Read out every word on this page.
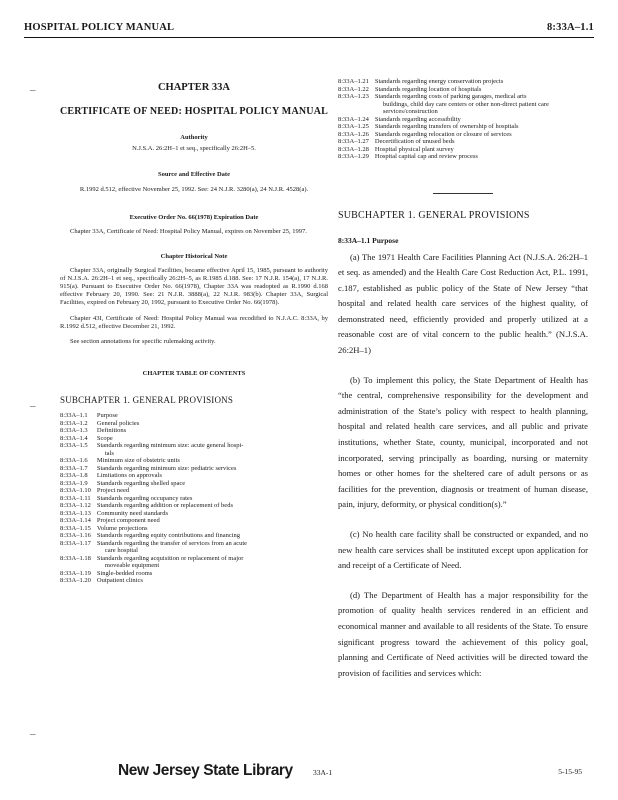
HOSPITAL POLICY MANUAL	8:33A–1.1
–
–
–
CHAPTER 33A
CERTIFICATE OF NEED: HOSPITAL POLICY MANUAL
Authority
N.J.S.A. 26:2H–1 et seq., specifically 26:2H–5.
Source and Effective Date
R.1992 d.512, effective November 25, 1992. See: 24 N.J.R. 3280(a), 24 N.J.R. 4528(a).
Executive Order No. 66(1978) Expiration Date
Chapter 33A, Certificate of Need: Hospital Policy Manual, expires on November 25, 1997.
Chapter Historical Note
Chapter 33A, originally Surgical Facilities, became effective April 15, 1985, pursuant to authority of N.J.S.A. 26:2H–1 et seq., specifically 26:2H–5, as R.1985 d.188. See: 17 N.J.R. 154(a), 17 N.J.R. 915(a). Pursuant to Executive Order No. 66(1978), Chapter 33A was readopted as R.1990 d.168 effective February 20, 1990. See: 21 N.J.R. 3888(a), 22 N.J.R. 983(b). Chapter 33A, Surgical Facilities, expired on February 20, 1992, pursuant to Executive Order No. 66(1978).
Chapter 43I, Certificate of Need: Hospital Policy Manual was recodified to N.J.A.C. 8:33A, by R.1992 d.512, effective December 21, 1992.
See section annotations for specific rulemaking activity.
CHAPTER TABLE OF CONTENTS
SUBCHAPTER 1. GENERAL PROVISIONS
8:33A–1.1	Purpose
8:33A–1.2	General policies
8:33A–1.3	Definitions
8:33A–1.4	Scope
8:33A–1.5	Standards regarding minimum size: acute general hospi-
tals

8:33A–1.6	Minimum size of obstetric units
8:33A–1.7	Standards regarding minimum size: pediatric services
8:33A–1.8	Limitations on approvals
8:33A–1.9	Standards regarding shelled space
8:33A–1.10	Project need
8:33A–1.11	Standards regarding occupancy rates
8:33A–1.12	Standards regarding addition or replacement of beds
8:33A–1.13	Community need standards
8:33A–1.14	Project component need
8:33A–1.15	Volume projections
8:33A–1.16	Standards regarding equity contributions and financing
8:33A–1.17	Standards regarding the transfer of services from an acute
care hospital

8:33A–1.18	Standards regarding acquisition or replacement of major
moveable equipment

8:33A–1.19	Single-bedded rooms
8:33A–1.20	Outpatient clinics
8:33A–1.21	Standards regarding energy conservation projects
8:33A–1.22	Standards regarding location of hospitals
8:33A–1.23	Standards regarding costs of parking garages, medical arts
buildings, child day care centers or other non-direct patient care services/construction

8:33A–1.24	Standards regarding accessibility
8:33A–1.25	Standards regarding transfers of ownership of hospitals
8:33A–1.26	Standards regarding relocation or closure of services
8:33A–1.27	Decertification of unused beds
8:33A–1.28	Hospital physical plant survey
8:33A–1.29	Hospital capital cap and review process
SUBCHAPTER 1. GENERAL PROVISIONS
8:33A–1.1 Purpose

(a) The 1971 Health Care Facilities Planning Act (N.J.S.A. 26:2H–1 et seq. as amended) and the Health Care Cost Reduction Act, P.L. 1991, c.187, established as public policy of the State of New Jersey “that hospital and related health care services of the highest quality, of demonstrated need, efficiently provided and properly utilized at a reasonable cost are of vital concern to the public health.” (N.J.S.A. 26:2H–1)

(b) To implement this policy, the State Department of Health has “the central, comprehensive responsibility for the development and administration of the State’s policy with respect to health planning, hospital and related health care services, and all public and private institutions, whether State, county, municipal, incorporated and not incorporated, serving principally as boarding, nursing or maternity homes or other homes for the sheltered care of adult persons or as facilities for the prevention, diagnosis or treatment of human disease, pain, injury, deformity, or physical condition(s).”

(c) No health care facility shall be constructed or expanded, and no new health care services shall be instituted except upon application for and receipt of a Certificate of Need.

(d) The Department of Health has a major responsibility for the promotion of quality health services rendered in an efficient and economical manner and available to all residents of the State. To ensure significant progress toward the achievement of this policy goal, planning and Certificate of Need activities will be directed toward the provision of facilities and services which:

New Jersey State Library	33A-1	5-15-95
